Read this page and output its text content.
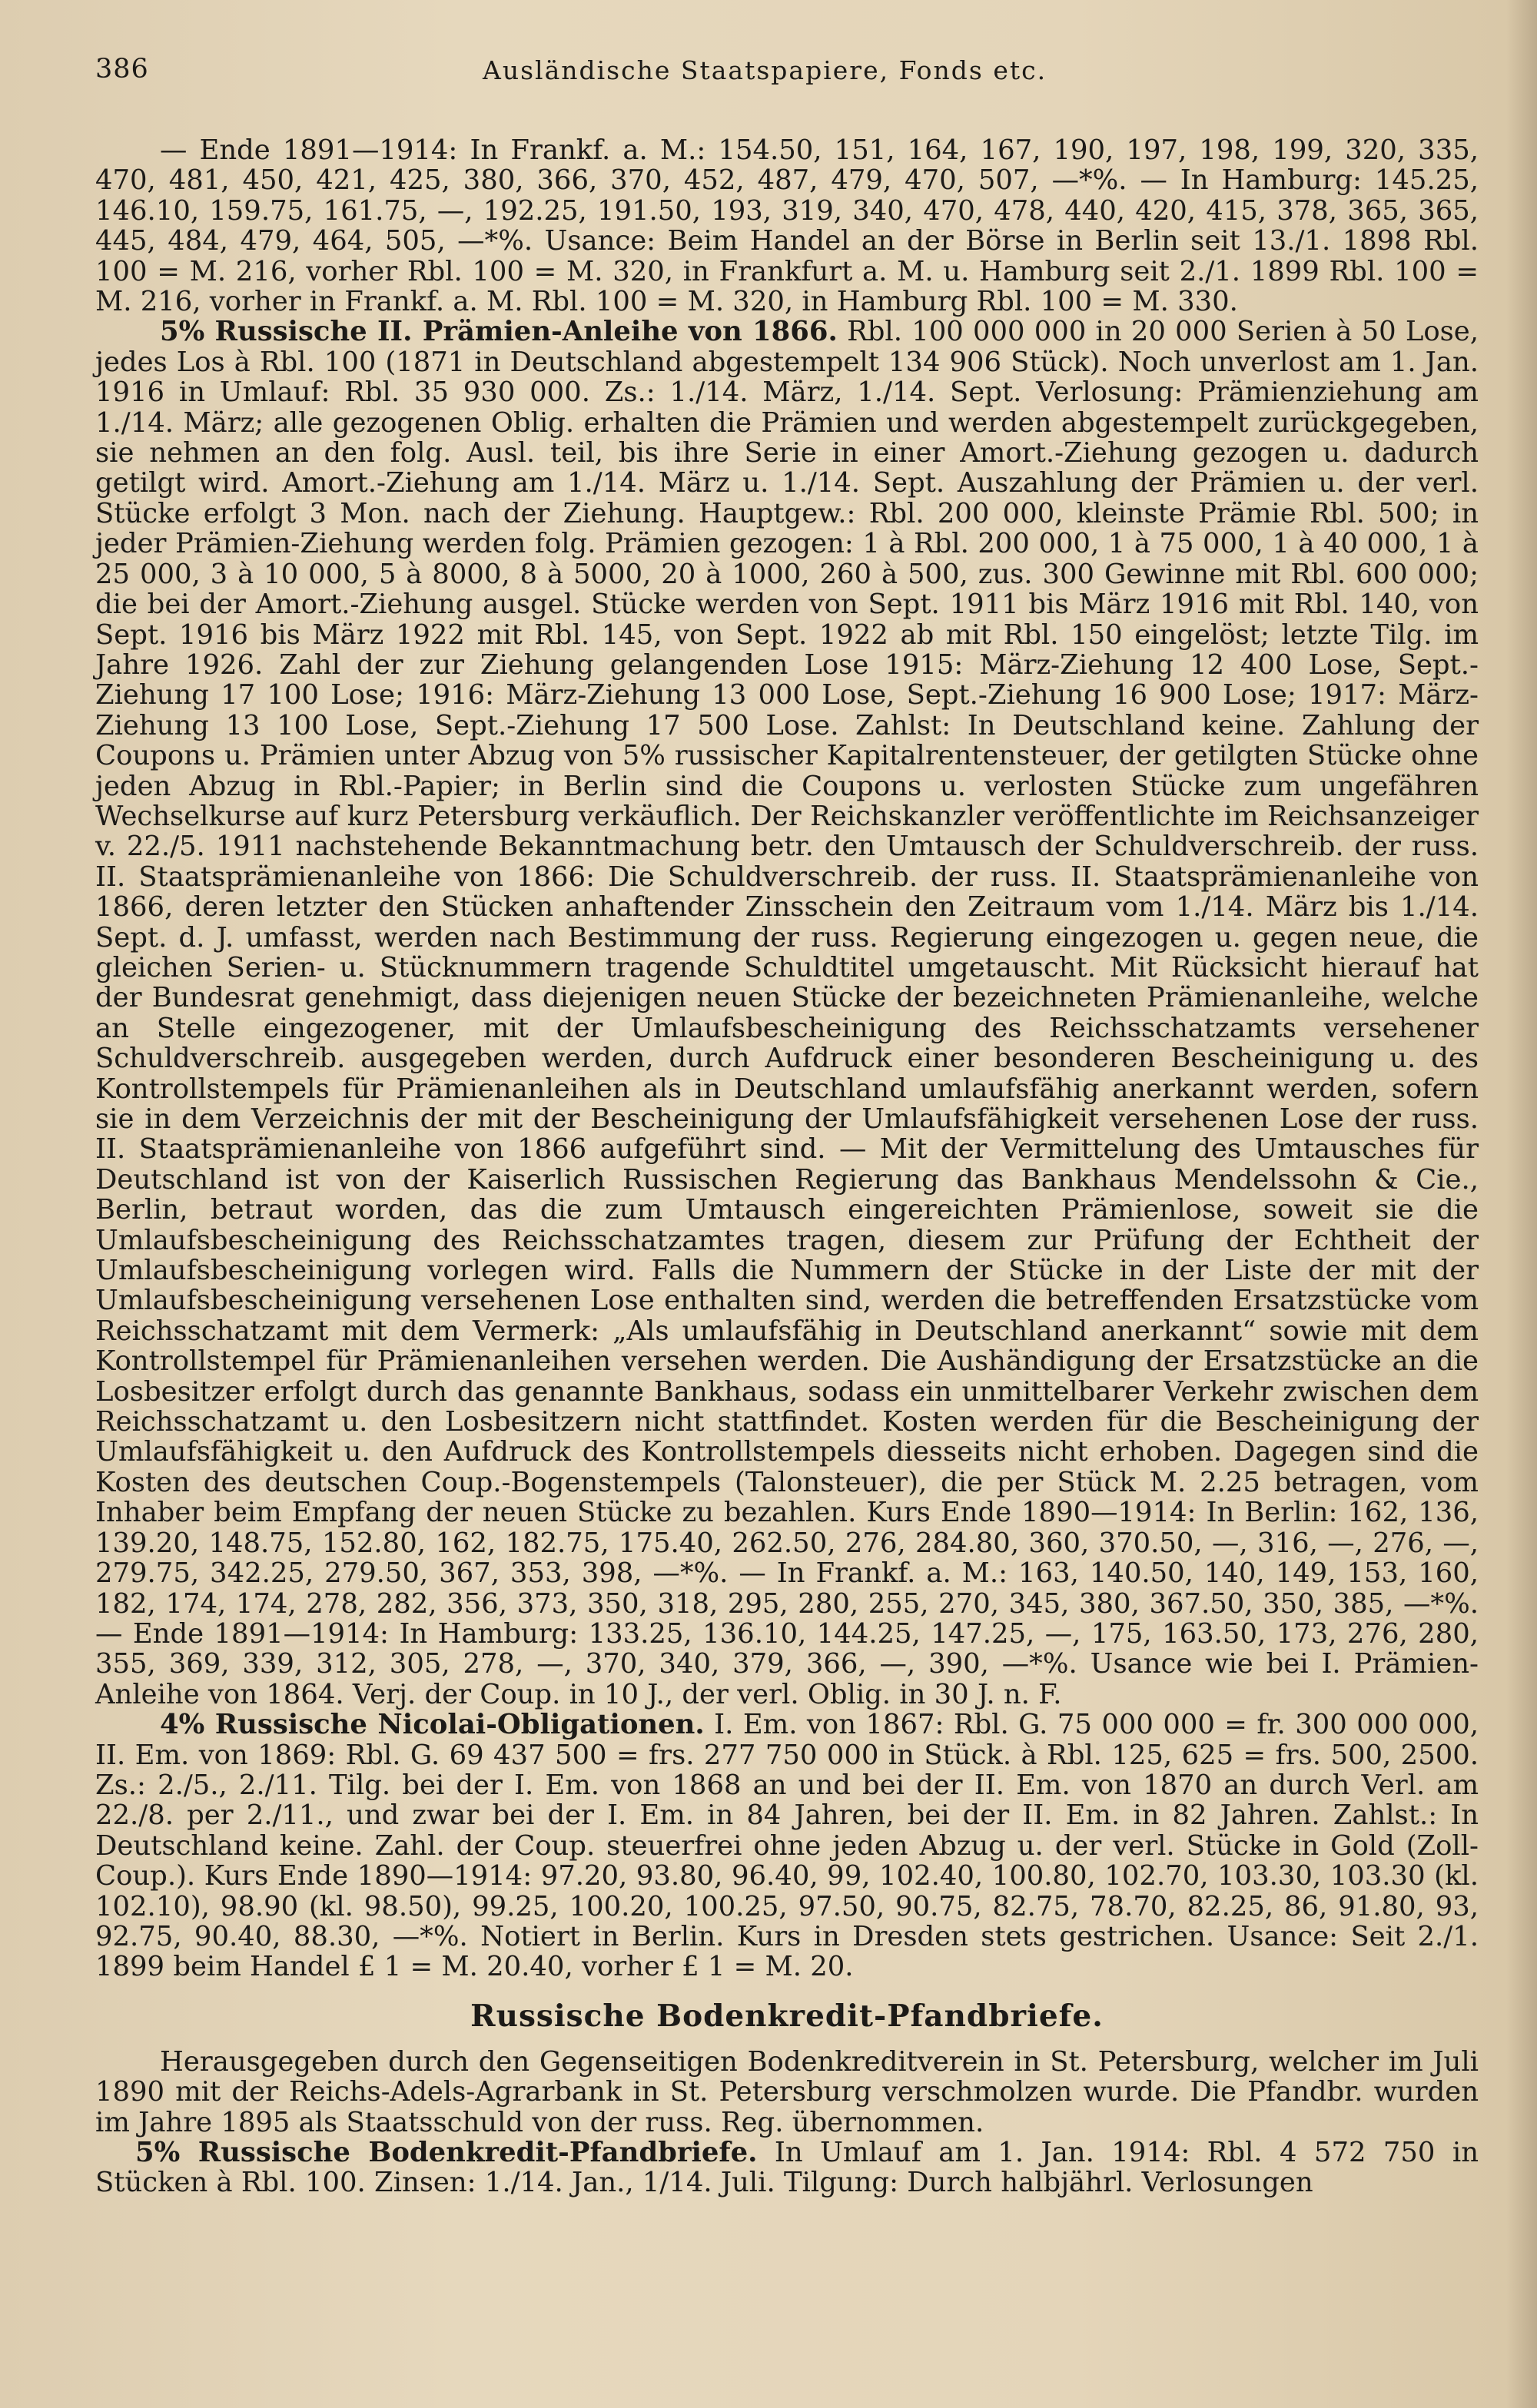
386	Ausländische Staatspapiere, Fonds etc.

— Ende 1891—1914: In Frankf. a. M.: 154.50, 151, 164, 167, 190, 197, 198, 199, 320, 335, 470, 481, 450, 421, 425, 380, 366, 370, 452, 487, 479, 470, 507, —*%. — In Hamburg: 145.25, 146.10, 159.75, 161.75, —, 192.25, 191.50, 193, 319, 340, 470, 478, 440, 420, 415, 378, 365, 365, 445, 484, 479, 464, 505, —*%. Usance: Beim Handel an der Börse in Berlin seit 13./1. 1898 Rbl. 100 = M. 216, vorher Rbl. 100 = M. 320, in Frankfurt a. M. u. Hamburg seit 2./1. 1899 Rbl. 100 = M. 216, vorher in Frankf. a. M. Rbl. 100 = M. 320, in Hamburg Rbl. 100 = M. 330.

5% Russische II. Prämien-Anleihe von 1866. Rbl. 100 000 000 in 20 000 Serien à 50 Lose, jedes Los à Rbl. 100 (1871 in Deutschland abgestempelt 134 906 Stück). Noch unverlost am 1. Jan. 1916 in Umlauf: Rbl. 35 930 000. Zs.: 1./14. März, 1./14. Sept. Verlosung: Prämienziehung am 1./14. März; alle gezogenen Oblig. erhalten die Prämien und werden abgestempelt zurückgegeben, sie nehmen an den folg. Ausl. teil, bis ihre Serie in einer Amort.-Ziehung gezogen u. dadurch getilgt wird. Amort.-Ziehung am 1./14. März u. 1./14. Sept. Auszahlung der Prämien u. der verl. Stücke erfolgt 3 Mon. nach der Ziehung. Hauptgew.: Rbl. 200 000, kleinste Prämie Rbl. 500; in jeder Prämien-Ziehung werden folg. Prämien gezogen: 1 à Rbl. 200 000, 1 à 75 000, 1 à 40 000, 1 à 25 000, 3 à 10 000, 5 à 8000, 8 à 5000, 20 à 1000, 260 à 500, zus. 300 Gewinne mit Rbl. 600 000; die bei der Amort.-Ziehung ausgel. Stücke werden von Sept. 1911 bis März 1916 mit Rbl. 140, von Sept. 1916 bis März 1922 mit Rbl. 145, von Sept. 1922 ab mit Rbl. 150 eingelöst; letzte Tilg. im Jahre 1926. Zahl der zur Ziehung gelangenden Lose 1915: März-Ziehung 12 400 Lose, Sept.-Ziehung 17 100 Lose; 1916: März-Ziehung 13 000 Lose, Sept.-Ziehung 16 900 Lose; 1917: März-Ziehung 13 100 Lose, Sept.-Ziehung 17 500 Lose. Zahlst: In Deutschland keine. Zahlung der Coupons u. Prämien unter Abzug von 5% russischer Kapitalrentensteuer, der getilgten Stücke ohne jeden Abzug in Rbl.-Papier; in Berlin sind die Coupons u. verlosten Stücke zum ungefähren Wechselkurse auf kurz Petersburg verkäuflich. Der Reichskanzler veröffentlichte im Reichsanzeiger v. 22./5. 1911 nachstehende Bekanntmachung betr. den Umtausch der Schuldverschreib. der russ. II. Staatsprämienanleihe von 1866: Die Schuldverschreib. der russ. II. Staatsprämienanleihe von 1866, deren letzter den Stücken anhaftender Zinsschein den Zeitraum vom 1./14. März bis 1./14. Sept. d. J. umfasst, werden nach Bestimmung der russ. Regierung eingezogen u. gegen neue, die gleichen Serien- u. Stücknummern tragende Schuldtitel umgetauscht. Mit Rücksicht hierauf hat der Bundesrat genehmigt, dass diejenigen neuen Stücke der bezeichneten Prämienanleihe, welche an Stelle eingezogener, mit der Umlaufsbescheinigung des Reichsschatzamts versehener Schuldverschreib. ausgegeben werden, durch Aufdruck einer besonderen Bescheinigung u. des Kontrollstempels für Prämienanleihen als in Deutschland umlaufsfähig anerkannt werden, sofern sie in dem Verzeichnis der mit der Bescheinigung der Umlaufsfähigkeit versehenen Lose der russ. II. Staatsprämienanleihe von 1866 aufgeführt sind. — Mit der Vermittelung des Umtausches für Deutschland ist von der Kaiserlich Russischen Regierung das Bankhaus Mendelssohn & Cie., Berlin, betraut worden, das die zum Umtausch eingereichten Prämienlose, soweit sie die Umlaufsbescheinigung des Reichsschatzamtes tragen, diesem zur Prüfung der Echtheit der Umlaufsbescheinigung vorlegen wird. Falls die Nummern der Stücke in der Liste der mit der Umlaufsbescheinigung versehenen Lose enthalten sind, werden die betreffenden Ersatzstücke vom Reichsschatzamt mit dem Vermerk: „Als umlaufsfähig in Deutschland anerkannt“ sowie mit dem Kontrollstempel für Prämienanleihen versehen werden. Die Aushändigung der Ersatzstücke an die Losbesitzer erfolgt durch das genannte Bankhaus, sodass ein unmittelbarer Verkehr zwischen dem Reichsschatzamt u. den Losbesitzern nicht stattfindet. Kosten werden für die Bescheinigung der Umlaufsfähigkeit u. den Aufdruck des Kontrollstempels diesseits nicht erhoben. Dagegen sind die Kosten des deutschen Coup.-Bogenstempels (Talonsteuer), die per Stück M. 2.25 betragen, vom Inhaber beim Empfang der neuen Stücke zu bezahlen. Kurs Ende 1890—1914: In Berlin: 162, 136, 139.20, 148.75, 152.80, 162, 182.75, 175.40, 262.50, 276, 284.80, 360, 370.50, —, 316, —, 276, —, 279.75, 342.25, 279.50, 367, 353, 398, —*%. — In Frankf. a. M.: 163, 140.50, 140, 149, 153, 160, 182, 174, 174, 278, 282, 356, 373, 350, 318, 295, 280, 255, 270, 345, 380, 367.50, 350, 385, —*%. — Ende 1891—1914: In Hamburg: 133.25, 136.10, 144.25, 147.25, —, 175, 163.50, 173, 276, 280, 355, 369, 339, 312, 305, 278, —, 370, 340, 379, 366, —, 390, —*%. Usance wie bei I. Prämien-Anleihe von 1864. Verj. der Coup. in 10 J., der verl. Oblig. in 30 J. n. F.

4% Russische Nicolai-Obligationen. I. Em. von 1867: Rbl. G. 75 000 000 = fr. 300 000 000, II. Em. von 1869: Rbl. G. 69 437 500 = frs. 277 750 000 in Stück. à Rbl. 125, 625 = frs. 500, 2500. Zs.: 2./5., 2./11. Tilg. bei der I. Em. von 1868 an und bei der II. Em. von 1870 an durch Verl. am 22./8. per 2./11., und zwar bei der I. Em. in 84 Jahren, bei der II. Em. in 82 Jahren. Zahlst.: In Deutschland keine. Zahl. der Coup. steuerfrei ohne jeden Abzug u. der verl. Stücke in Gold (Zoll-Coup.). Kurs Ende 1890—1914: 97.20, 93.80, 96.40, 99, 102.40, 100.80, 102.70, 103.30, 103.30 (kl. 102.10), 98.90 (kl. 98.50), 99.25, 100.20, 100.25, 97.50, 90.75, 82.75, 78.70, 82.25, 86, 91.80, 93, 92.75, 90.40, 88.30, —*%. Notiert in Berlin. Kurs in Dresden stets gestrichen. Usance: Seit 2./1. 1899 beim Handel £ 1 = M. 20.40, vorher £ 1 = M. 20.

Russische Bodenkredit-Pfandbriefe.

Herausgegeben durch den Gegenseitigen Bodenkreditverein in St. Petersburg, welcher im Juli 1890 mit der Reichs-Adels-Agrarbank in St. Petersburg verschmolzen wurde. Die Pfandbr. wurden im Jahre 1895 als Staatsschuld von der russ. Reg. übernommen.

5% Russische Bodenkredit-Pfandbriefe. In Umlauf am 1. Jan. 1914: Rbl. 4 572 750 in Stücken à Rbl. 100. Zinsen: 1./14. Jan., 1/14. Juli. Tilgung: Durch halbjährl. Verlosungen
